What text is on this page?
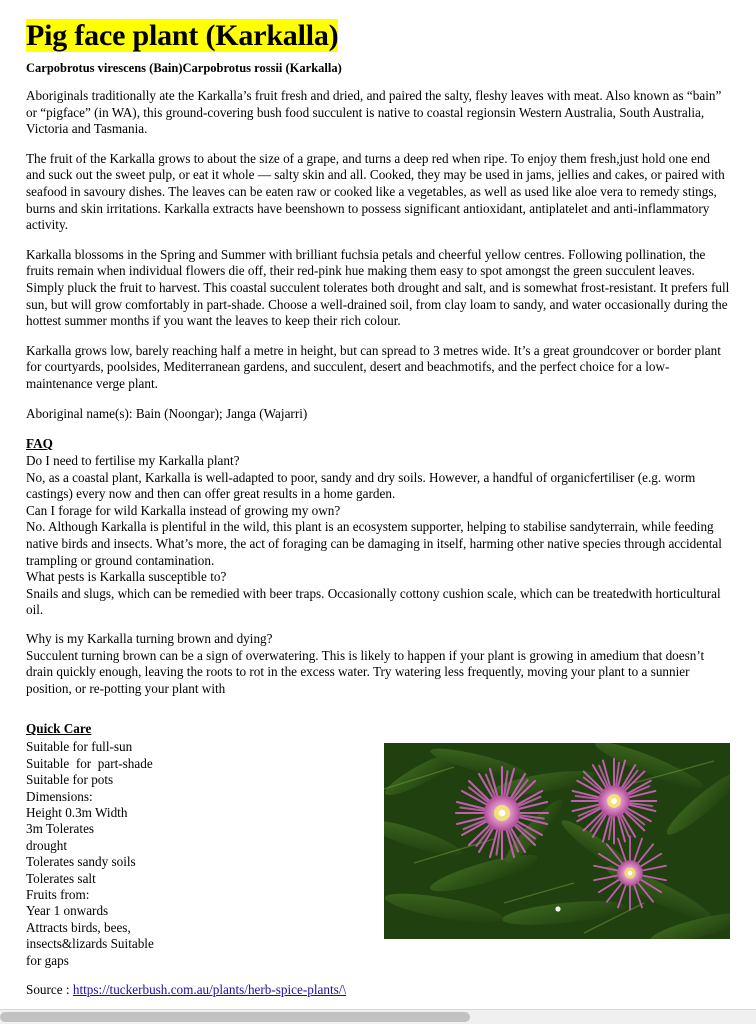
Pig face plant (Karkalla)
Carpobrotus virescens (Bain)Carpobrotus rossii (Karkalla)

Aboriginals traditionally ate the Karkalla’s fruit fresh and dried, and paired the salty, fleshy leaves with meat. Also known as “bain” or “pigface” (in WA), this ground-covering bush food succulent is native to coastal regionsin Western Australia, South Australia, Victoria and Tasmania.

The fruit of the Karkalla grows to about the size of a grape, and turns a deep red when ripe. To enjoy them fresh,just hold one end and suck out the sweet pulp, or eat it whole — salty skin and all. Cooked, they may be used in jams, jellies and cakes, or paired with seafood in savoury dishes. The leaves can be eaten raw or cooked like a vegetables, as well as used like aloe vera to remedy stings, burns and skin irritations. Karkalla extracts have beenshown to possess significant antioxidant, antiplatelet and anti-inflammatory activity.

Karkalla blossoms in the Spring and Summer with brilliant fuchsia petals and cheerful yellow centres. Following pollination, the fruits remain when individual flowers die off, their red-pink hue making them easy to spot amongst the green succulent leaves. Simply pluck the fruit to harvest. This coastal succulent tolerates both drought and salt, and is somewhat frost-resistant. It prefers full sun, but will grow comfortably in part-shade. Choose a well-drained soil, from clay loam to sandy, and water occasionally during the hottest summer months if you want the leaves to keep their rich colour.

Karkalla grows low, barely reaching half a metre in height, but can spread to 3 metres wide. It’s a great groundcover or border plant for courtyards, poolsides, Mediterranean gardens, and succulent, desert and beachmotifs, and the perfect choice for a low-maintenance verge plant.

Aboriginal name(s): Bain (Noongar); Janga (Wajarri)
FAQ
Do I need to fertilise my Karkalla plant?
No, as a coastal plant, Karkalla is well-adapted to poor, sandy and dry soils. However, a handful of organicfertiliser (e.g. worm castings) every now and then can offer great results in a home garden.
Can I forage for wild Karkalla instead of growing my own?
No. Although Karkalla is plentiful in the wild, this plant is an ecosystem supporter, helping to stabilise sandyterrain, while feeding native birds and insects. What’s more, the act of foraging can be damaging in itself, harming other native species through accidental trampling or ground contamination.
What pests is Karkalla susceptible to?
Snails and slugs, which can be remedied with beer traps. Occasionally cottony cushion scale, which can be treatedwith horticultural oil.
Why is my Karkalla turning brown and dying?
Succulent turning brown can be a sign of overwatering. This is likely to happen if your plant is growing in amedium that doesn’t drain quickly enough, leaving the roots to rot in the excess water. Try watering less frequently, moving your plant to a sunnier position, or re-potting your plant with
Quick Care
Suitable for full-sun
Suitable  for  part-shade
Suitable for pots
Dimensions:
Height 0.3m Width
3m Tolerates
drought
Tolerates sandy soils
Tolerates salt
Fruits from:
Year 1 onwards
Attracts birds, bees,
insects&lizards Suitable
for gaps
Source : https://tuckerbush.com.au/plants/herb-spice-plants/\
